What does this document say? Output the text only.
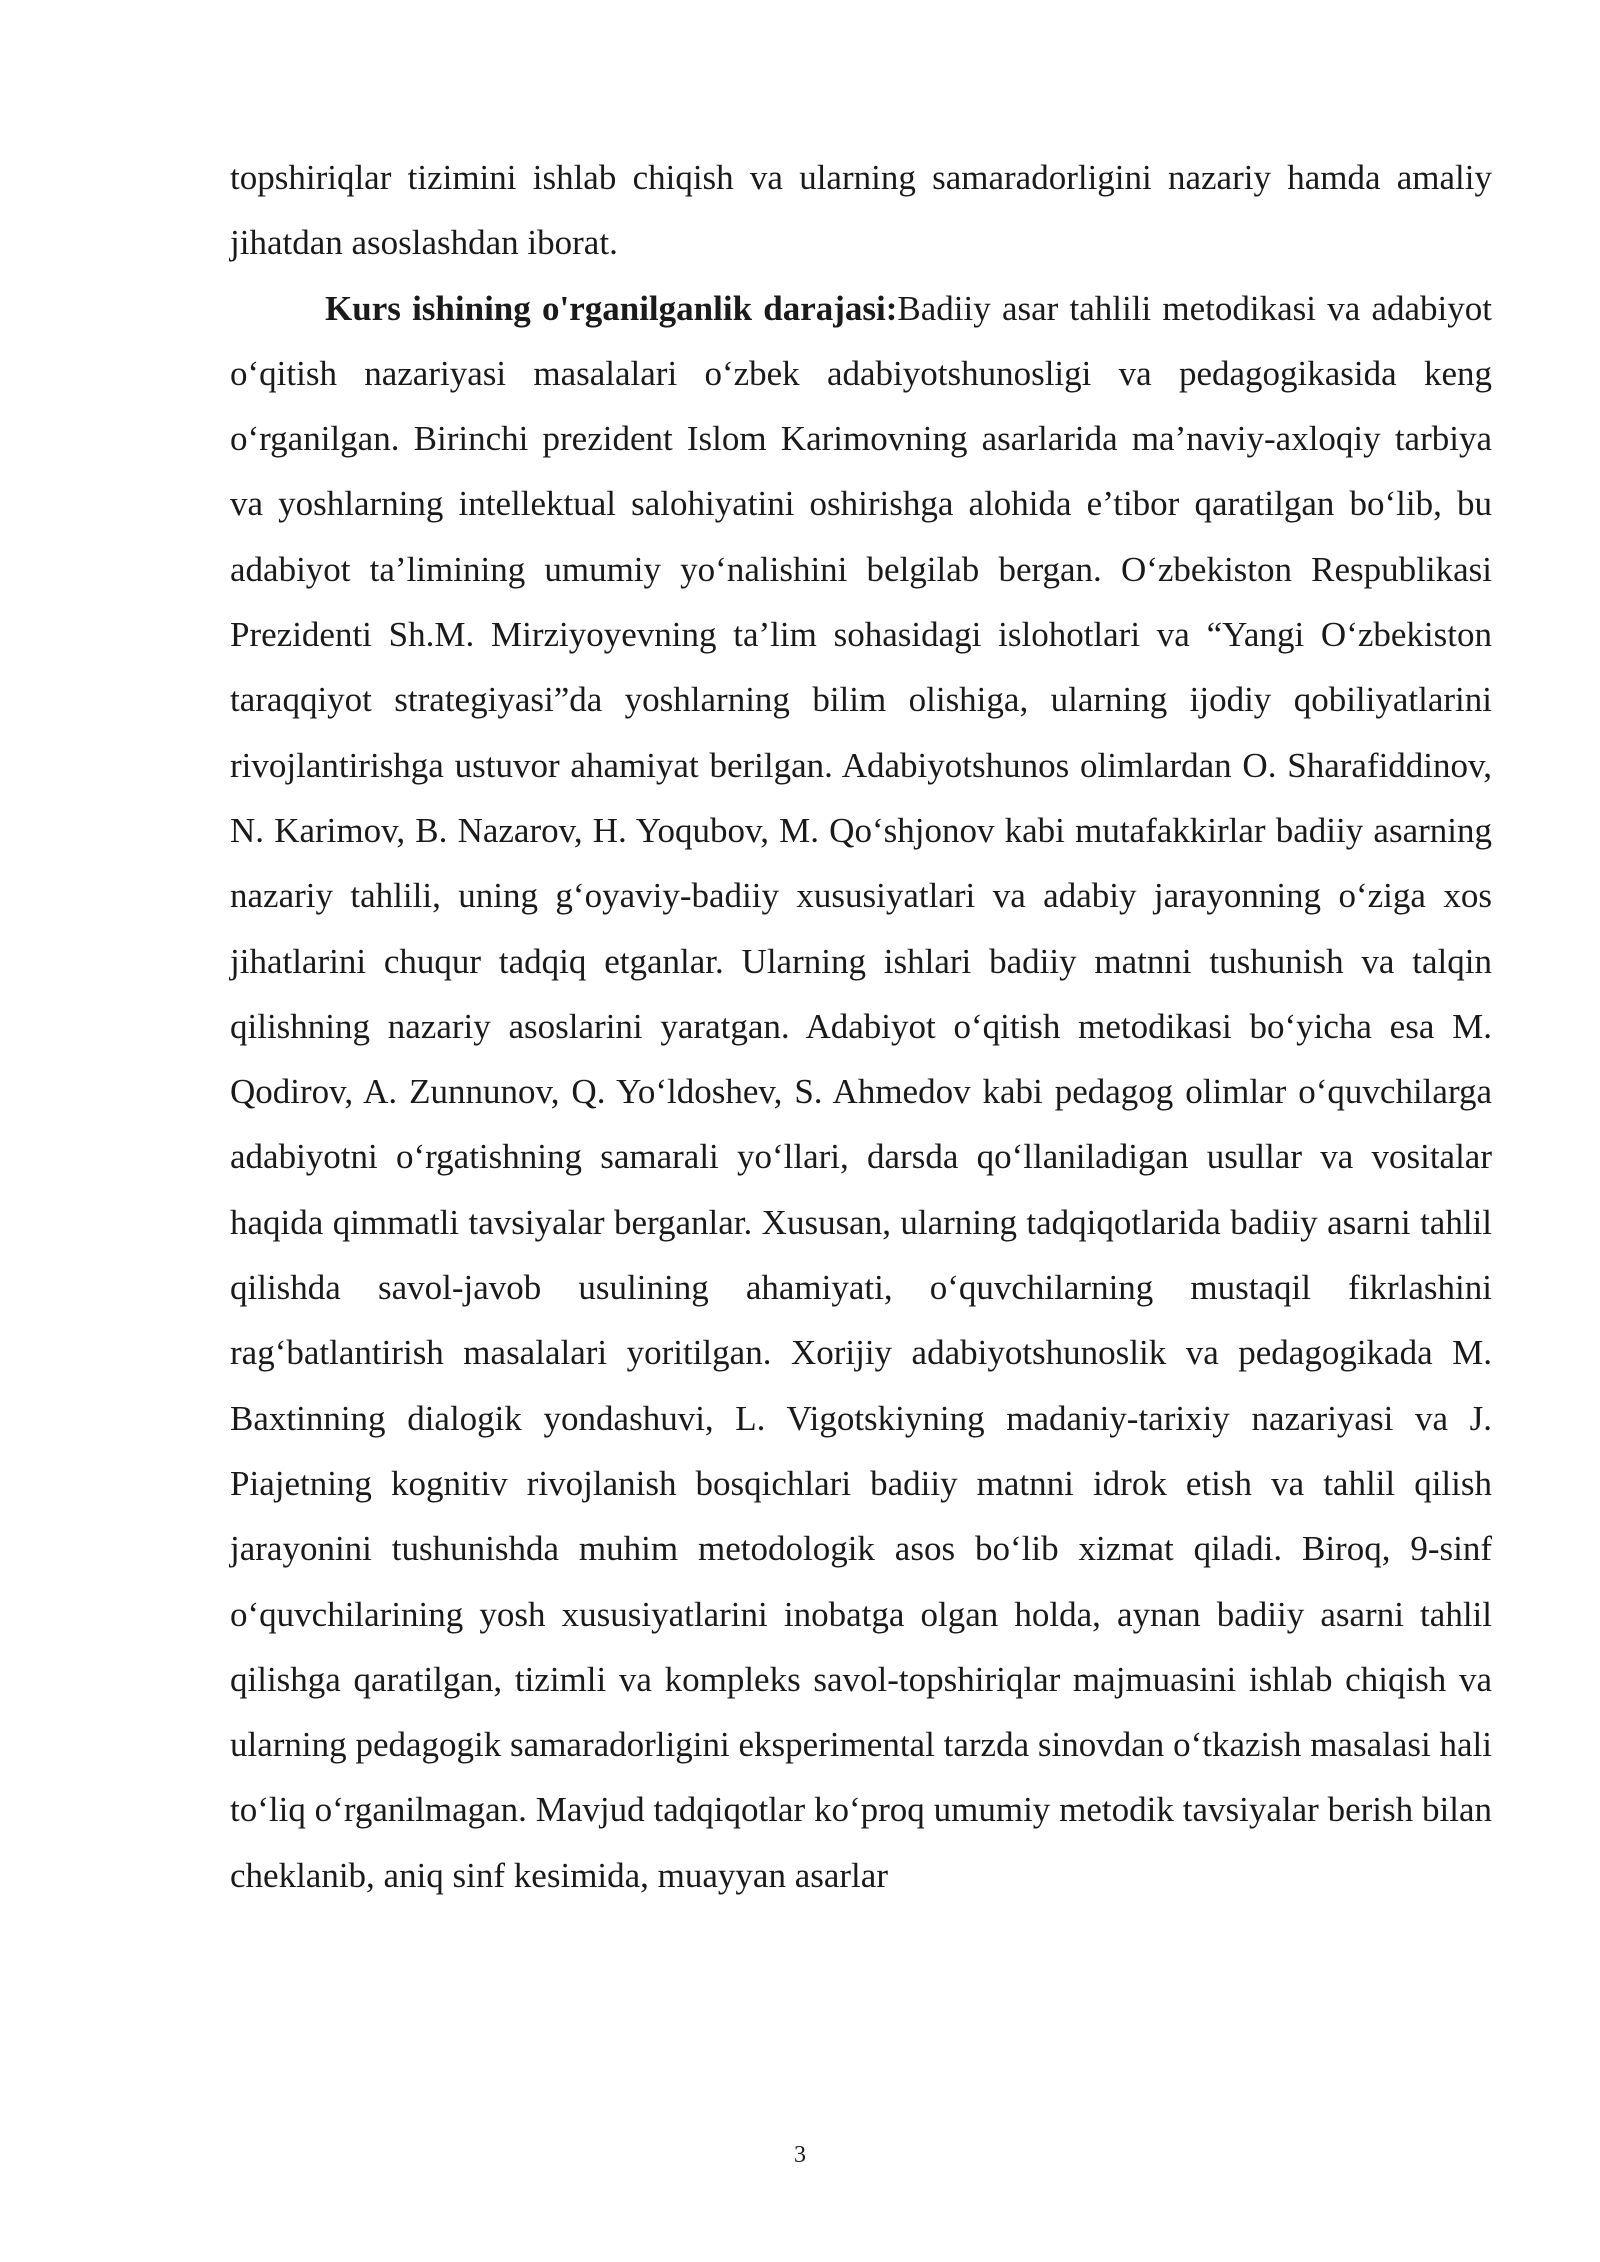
topshiriqlar tizimini ishlab chiqish va ularning samaradorligini nazariy hamda amaliy jihatdan asoslashdan iborat.

Kurs ishining o'rganilganlik darajasi:Badiiy asar tahlili metodikasi va adabiyot o‘qitish nazariyasi masalalari o‘zbek adabiyotshunosligi va pedagogikasida keng o‘rganilgan. Birinchi prezident Islom Karimovning asarlarida ma’naviy-axloqiy tarbiya va yoshlarning intellektual salohiyatini oshirishga alohida e’tibor qaratilgan bo‘lib, bu adabiyot ta’limining umumiy yo‘nalishini belgilab bergan. O‘zbekiston Respublikasi Prezidenti Sh.M. Mirziyoyevning ta’lim sohasidagi islohotlari va “Yangi O‘zbekiston taraqqiyot strategiyasi”da yoshlarning bilim olishiga, ularning ijodiy qobiliyatlarini rivojlantirishga ustuvor ahamiyat berilgan. Adabiyotshunos olimlardan O. Sharafiddinov, N. Karimov, B. Nazarov, H. Yoqubov, M. Qo‘shjonov kabi mutafakkirlar badiiy asarning nazariy tahlili, uning g‘oyaviy-badiiy xususiyatlari va adabiy jarayonning o‘ziga xos jihatlarini chuqur tadqiq etganlar. Ularning ishlari badiiy matnni tushunish va talqin qilishning nazariy asoslarini yaratgan. Adabiyot o‘qitish metodikasi bo‘yicha esa M. Qodirov, A. Zunnunov, Q. Yo‘ldoshev, S. Ahmedov kabi pedagog olimlar o‘quvchilarga adabiyotni o‘rgatishning samarali yo‘llari, darsda qo‘llaniladigan usullar va vositalar haqida qimmatli tavsiyalar berganlar. Xususan, ularning tadqiqotlarida badiiy asarni tahlil qilishda savol-javob usulining ahamiyati, o‘quvchilarning mustaqil fikrlashini rag‘batlantirish masalalari yoritilgan. Xorijiy adabiyotshunoslik va pedagogikada M. Baxtinning dialogik yondashuvi, L. Vigotskiyning madaniy-tarixiy nazariyasi va J. Piajetning kognitiv rivojlanish bosqichlari badiiy matnni idrok etish va tahlil qilish jarayonini tushunishda muhim metodologik asos bo‘lib xizmat qiladi. Biroq, 9-sinf o‘quvchilarining yosh xususiyatlarini inobatga olgan holda, aynan badiiy asarni tahlil qilishga qaratilgan, tizimli va kompleks savol-topshiriqlar majmuasini ishlab chiqish va ularning pedagogik samaradorligini eksperimental tarzda sinovdan o‘tkazish masalasi hali to‘liq o‘rganilmagan. Mavjud tadqiqotlar ko‘proq umumiy metodik tavsiyalar berish bilan cheklanib, aniq sinf kesimida, muayyan asarlar

3
